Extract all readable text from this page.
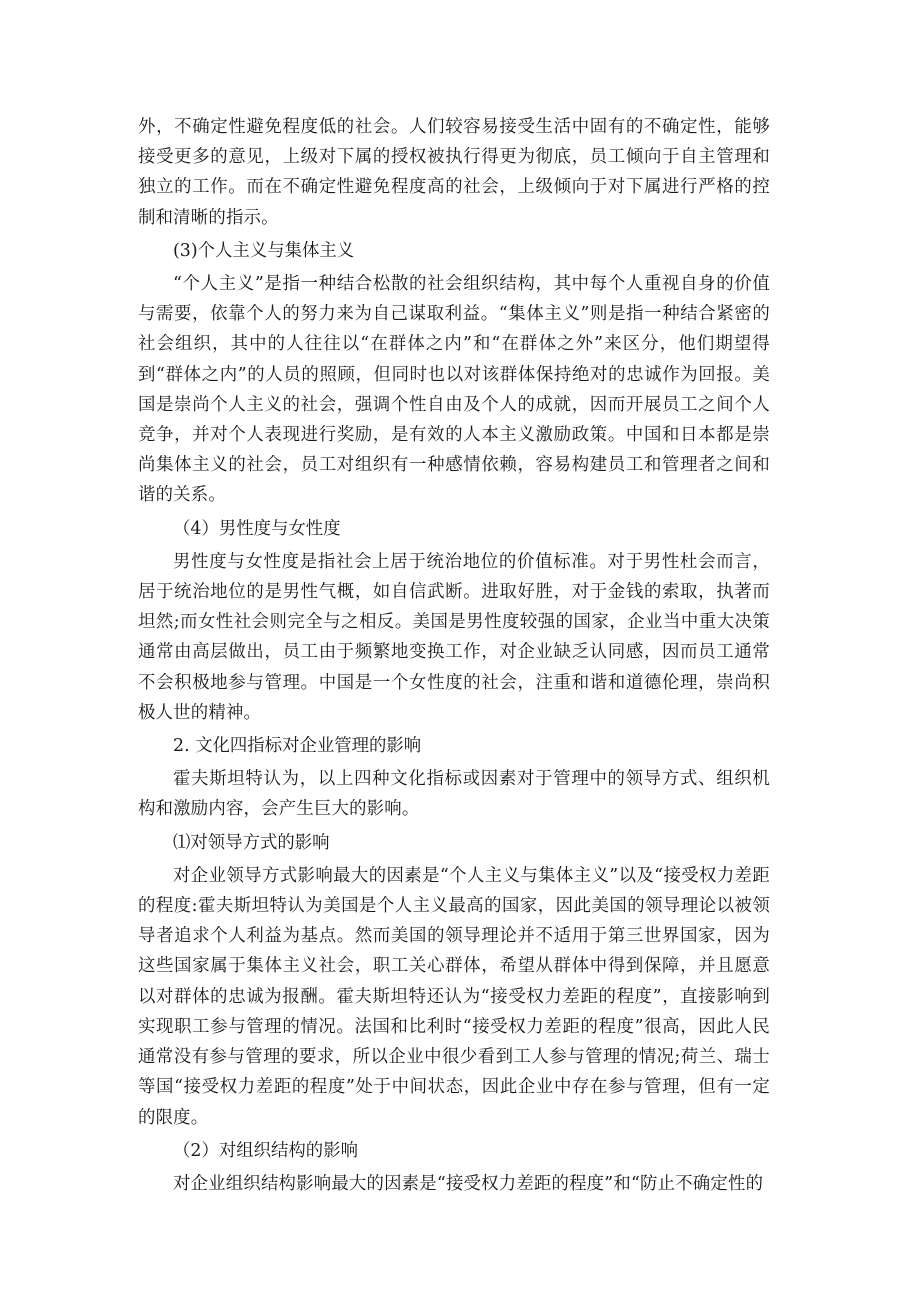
外，不确定性避免程度低的社会。人们较容易接受生活中固有的不确定性，能够接受更多的意见，上级对下属的授权被执行得更为彻底，员工倾向于自主管理和独立的工作。而在不确定性避免程度高的社会，上级倾向于对下属进行严格的控制和清晰的指示。

(3)个人主义与集体主义

“个人主义”是指一种结合松散的社会组织结构，其中每个人重视自身的价值与需要，依靠个人的努力来为自己谋取利益。“集体主义”则是指一种结合紧密的社会组织，其中的人往往以“在群体之内”和“在群体之外”来区分，他们期望得到“群体之内”的人员的照顾，但同时也以对该群体保持绝对的忠诚作为回报。美国是崇尚个人主义的社会，强调个性自由及个人的成就，因而开展员工之间个人竞争，并对个人表现进行奖励，是有效的人本主义激励政策。中国和日本都是崇尚集体主义的社会，员工对组织有一种感情依赖，容易构建员工和管理者之间和谐的关系。

（4）男性度与女性度

男性度与女性度是指社会上居于统治地位的价值标准。对于男性杜会而言，居于统治地位的是男性气概，如自信武断。进取好胜，对于金钱的索取，执著而坦然;而女性社会则完全与之相反。美国是男性度较强的国家，企业当中重大决策通常由高层做出，员工由于频繁地变换工作，对企业缺乏认同感，因而员工通常不会积极地参与管理。中国是一个女性度的社会，注重和谐和道德伦理，崇尚积极人世的精神。

2. 文化四指标对企业管理的影响

霍夫斯坦特认为，以上四种文化指标或因素对于管理中的领导方式、组织机构和激励内容，会产生巨大的影响。

⑴对领导方式的影响

对企业领导方式影响最大的因素是“个人主义与集体主义”以及“接受权力差距的程度:霍夫斯坦特认为美国是个人主义最高的国家，因此美国的领导理论以被领导者追求个人利益为基点。然而美国的领导理论并不适用于第三世界国家，因为这些国家属于集体主义社会，职工关心群体，希望从群体中得到保障，并且愿意以对群体的忠诚为报酬。霍夫斯坦特还认为“接受权力差距的程度”，直接影响到实现职工参与管理的情况。法国和比利时“接受权力差距的程度”很高，因此人民通常没有参与管理的要求，所以企业中很少看到工人参与管理的情况;荷兰、瑞士等国“接受权力差距的程度”处于中间状态，因此企业中存在参与管理，但有一定的限度。

（2）对组织结构的影响

对企业组织结构影响最大的因素是“接受权力差距的程度”和“防止不确定性的
